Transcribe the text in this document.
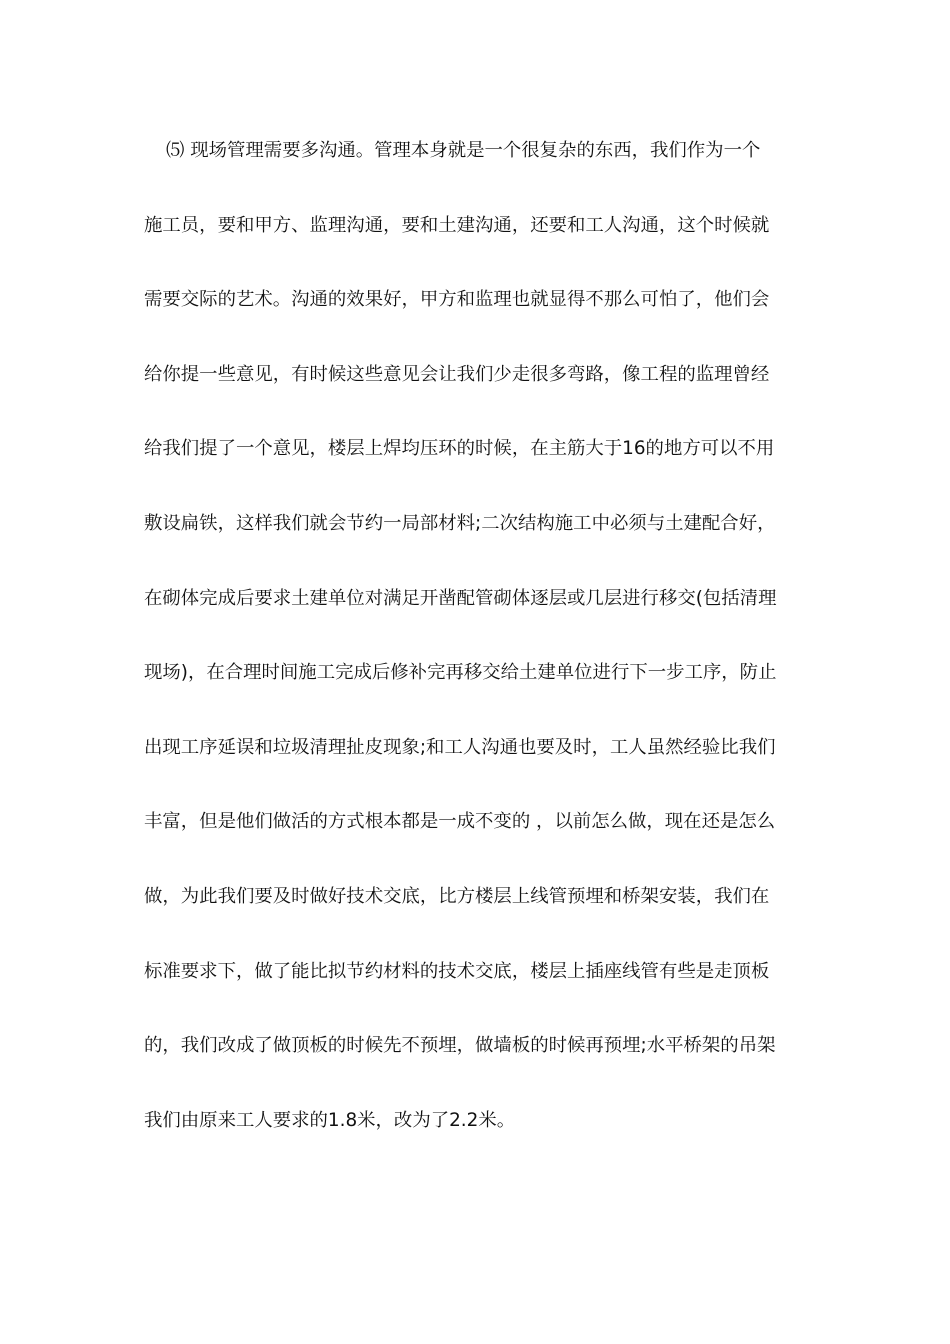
⑸ 现场管理需要多沟通。管理本身就是一个很复杂的东西，我们作为一个
施工员，要和甲方、监理沟通，要和土建沟通，还要和工人沟通，这个时候就
需要交际的艺术。沟通的效果好，甲方和监理也就显得不那么可怕了，他们会
给你提一些意见，有时候这些意见会让我们少走很多弯路，像工程的监理曾经
给我们提了一个意见，楼层上焊均压环的时候，在主筋大于16的地方可以不用
敷设扁铁，这样我们就会节约一局部材料;二次结构施工中必须与土建配合好，
在砌体完成后要求土建单位对满足开凿配管砌体逐层或几层进行移交(包括清理
现场)，在合理时间施工完成后修补完再移交给土建单位进行下一步工序，防止
出现工序延误和垃圾清理扯皮现象;和工人沟通也要及时，工人虽然经验比我们
丰富，但是他们做活的方式根本都是一成不变的 ，以前怎么做，现在还是怎么
做，为此我们要及时做好技术交底，比方楼层上线管预埋和桥架安装，我们在
标准要求下，做了能比拟节约材料的技术交底，楼层上插座线管有些是走顶板
的，我们改成了做顶板的时候先不预埋，做墙板的时候再预埋;水平桥架的吊架
我们由原来工人要求的1.8米，改为了2.2米。
